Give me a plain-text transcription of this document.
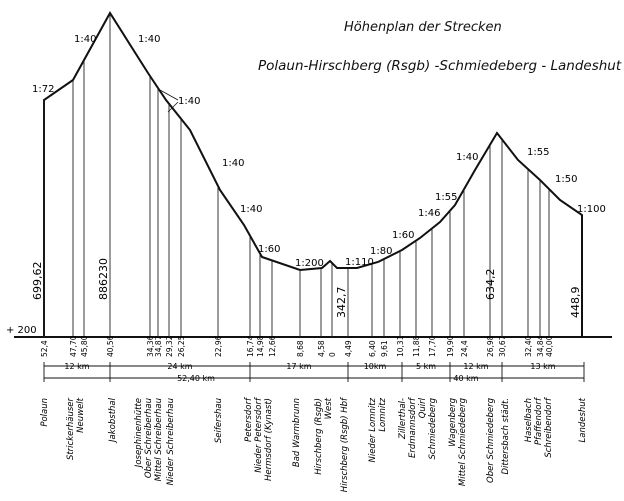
+ 200
1:72
1:40	1:40
1:40
1:40
1:40
1:60
1:200 1:110
1:80
1:60
1:46
1:55
1:40	1:55
1:50
1:100
699,62	886230
342,7
634,2
448,9
52,4	47,70 45,80 40,56	34,36 34,87 29,32 26,25	22,96	16,74 14,98 12,66	8,68 4,58 0 4,49 6,40 9,61 10,31 11,88 17,70 19,90 24,4 26,98 30,67 32,40 34,84 40,00
12 km	24 km	17 km	10km	5 km	12 km	13 km
52,40 km	40 km
Polaun Strickerhäuser Neuwelt	Jakobsthal Josephinenhütte Ober Schreiberhau Mittel Schreiberhau Nieder Schreiberhau	Seifershau Petersdorf Nieder Petersdorf Hermsdorf (Kynast) Bad Warmbrunn Hirschberg (Rsgb) West Hirschberg (Rsgb) Hbf Nieder Lomnitz Lomnitz Zillerthal- Erdmannsdorf Quirl Schmiedeberg Wagenberg Mittel Schmiedeberg Ober Schmiedeberg Dittersbach städt. Haselbach Pfaffendorf Schreibendorf	Landeshut
Höhenplan der Strecken
Polaun-Hirschberg (Rsgb) -Schmiedeberg - Landeshut
